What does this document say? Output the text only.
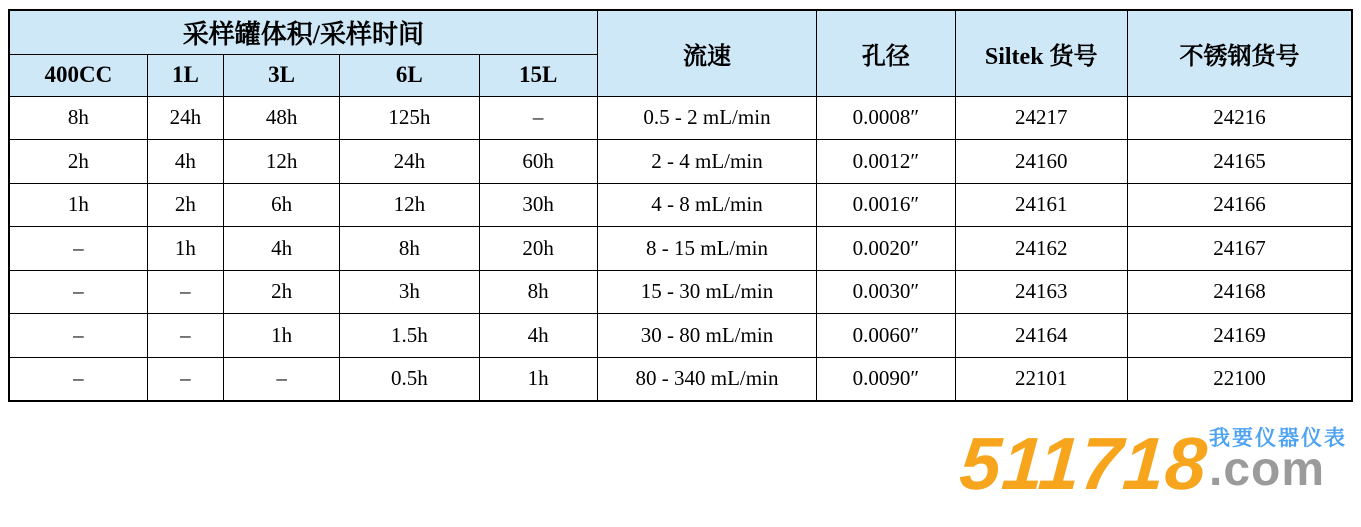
采样罐体积/采样时间					流速	孔径	Siltek 货号	不锈钢货号
400CC	1L	3L	6L	15L				
8h	24h	48h	125h	–	0.5 - 2 mL/min	0.0008″	24217	24216
2h	4h	12h	24h	60h	2 - 4 mL/min	0.0012″	24160	24165
1h	2h	6h	12h	30h	4 - 8 mL/min	0.0016″	24161	24166
–	1h	4h	8h	20h	8 - 15 mL/min	0.0020″	24162	24167
–	–	2h	3h	8h	15 - 30 mL/min	0.0030″	24163	24168
–	–	1h	1.5h	4h	30 - 80 mL/min	0.0060″	24164	24169
–	–	–	0.5h	1h	80 - 340 mL/min	0.0090″	22101	22100
511718 我要仪器仪表
.com
